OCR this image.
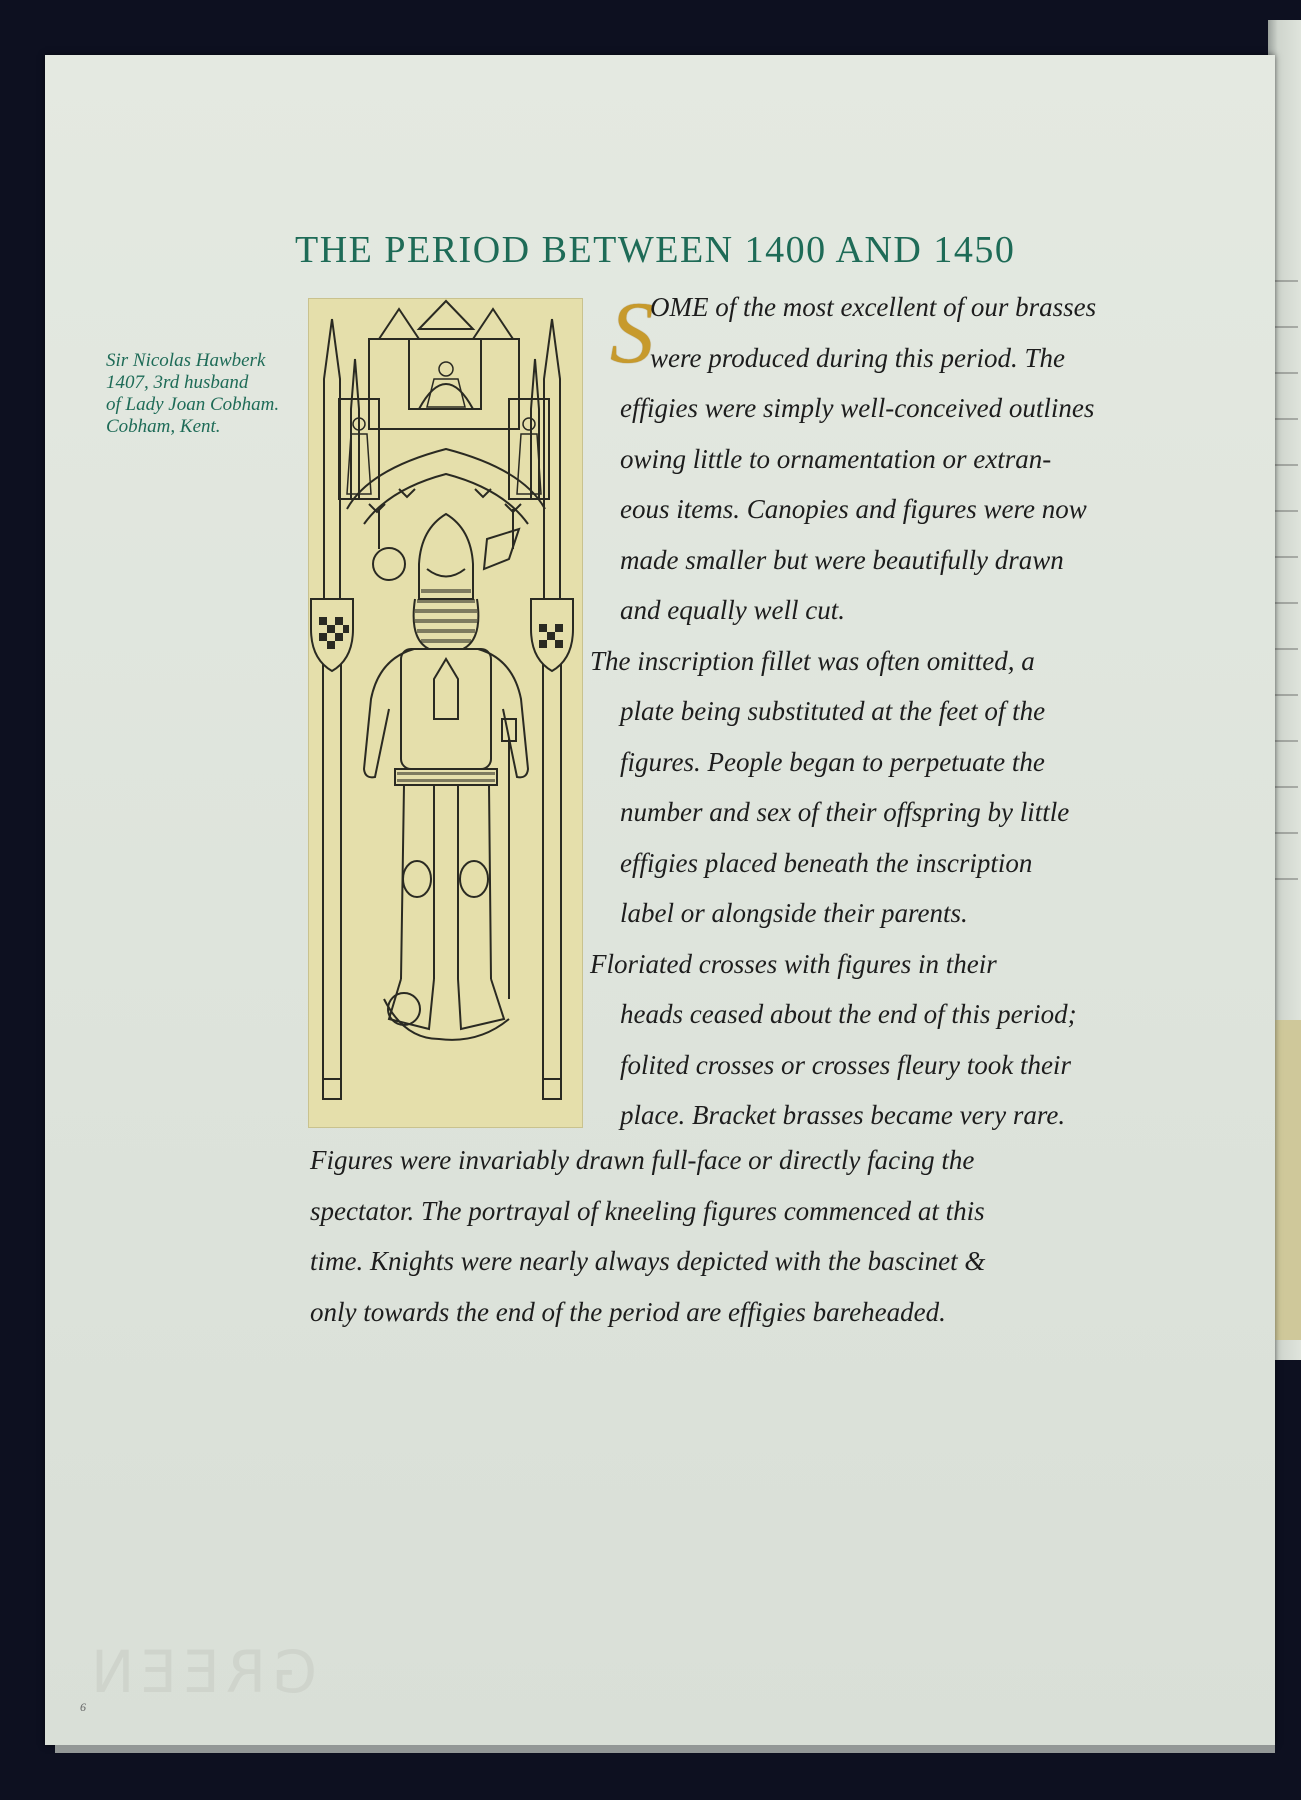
THE PERIOD BETWEEN 1400 AND 1450
Sir Nicolas Hawberk
1407, 3rd husband
of Lady Joan Cobham.
Cobham, Kent.
S
OME of the most excellent of our brasses
were produced during this period. The
effigies were simply well-conceived outlines
owing little to ornamentation or extran-
eous items. Canopies and figures were now
made smaller but were beautifully drawn
and equally well cut.
The inscription fillet was often omitted, a
plate being substituted at the feet of the
figures. People began to perpetuate the
number and sex of their offspring by little
effigies placed beneath the inscription
label or alongside their parents.
Floriated crosses with figures in their
heads ceased about the end of this period;
folited crosses or crosses fleury took their
place. Bracket brasses became very rare.
Figures were invariably drawn full-face or directly facing the
spectator. The portrayal of kneeling figures commenced at this
time. Knights were nearly always depicted with the bascinet &
only towards the end of the period are effigies bareheaded.
GREEN
6
